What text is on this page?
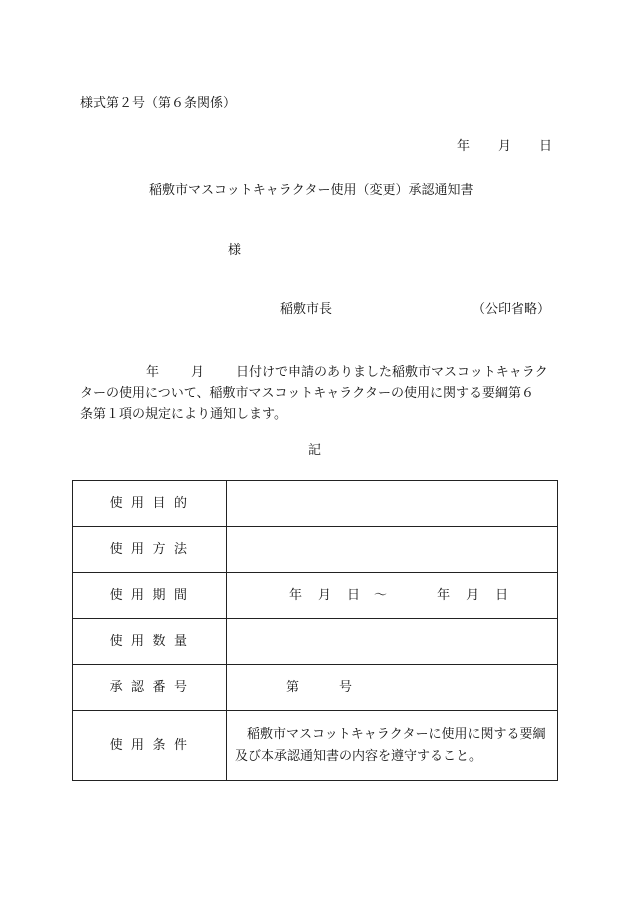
様式第２号（第６条関係）
年 月 日
稲敷市マスコットキャラクター使用（変更）承認通知書
様
稲敷市長	（公印省略）
年 月 日付けで申請のありました稲敷市マスコットキャラク
ターの使用について、稲敷市マスコットキャラクターの使用に関する要綱第６
条第１項の規定により通知します。
記
使用目的	
使用方法	
使用期間	年 月 日 ～ 年 月 日
使用数量	
承認番号	第 号
使用条件	稲敷市マスコットキャラクターに使用に関する要綱
及び本承認通知書の内容を遵守すること。
